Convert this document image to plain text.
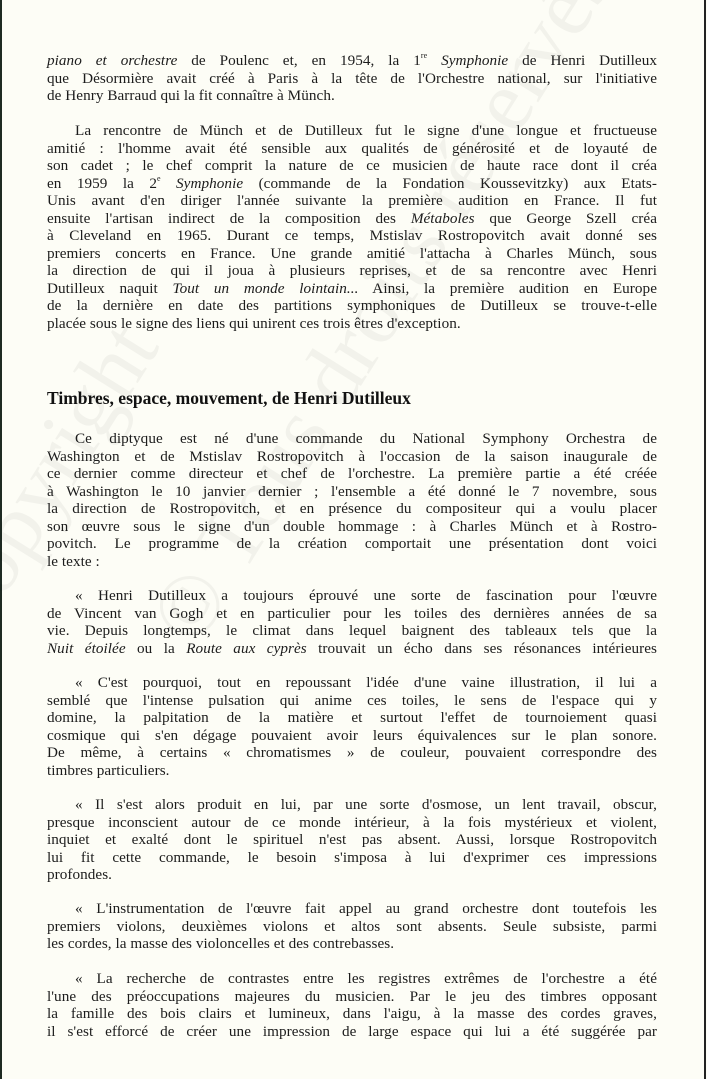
piano et orchestre de Poulenc et, en 1954, la 1re Symphonie de Henri Dutilleux
que Désormière avait créé à Paris à la tête de l'Orchestre national, sur l'initiative
de Henry Barraud qui la fit connaître à Münch.
La rencontre de Münch et de Dutilleux fut le signe d'une longue et fructueuse
amitié : l'homme avait été sensible aux qualités de générosité et de loyauté de
son cadet ; le chef comprit la nature de ce musicien de haute race dont il créa
en 1959 la 2e Symphonie (commande de la Fondation Koussevitzky) aux Etats-
Unis avant d'en diriger l'année suivante la première audition en France. Il fut
ensuite l'artisan indirect de la composition des Métaboles que George Szell créa
à Cleveland en 1965. Durant ce temps, Mstislav Rostropovitch avait donné ses
premiers concerts en France. Une grande amitié l'attacha à Charles Münch, sous
la direction de qui il joua à plusieurs reprises, et de sa rencontre avec Henri
Dutilleux naquit Tout un monde lointain... Ainsi, la première audition en Europe
de la dernière en date des partitions symphoniques de Dutilleux se trouve-t-elle
placée sous le signe des liens qui unirent ces trois êtres d'exception.
Timbres, espace, mouvement, de Henri Dutilleux
Ce diptyque est né d'une commande du National Symphony Orchestra de
Washington et de Mstislav Rostropovitch à l'occasion de la saison inaugurale de
ce dernier comme directeur et chef de l'orchestre. La première partie a été créée
à Washington le 10 janvier dernier ; l'ensemble a été donné le 7 novembre, sous
la direction de Rostropovitch, et en présence du compositeur qui a voulu placer
son œuvre sous le signe d'un double hommage : à Charles Münch et à Rostro-
povitch. Le programme de la création comportait une présentation dont voici
le texte :
« Henri Dutilleux a toujours éprouvé une sorte de fascination pour l'œuvre
de Vincent van Gogh et en particulier pour les toiles des dernières années de sa
vie. Depuis longtemps, le climat dans lequel baignent des tableaux tels que la
Nuit étoilée ou la Route aux cyprès trouvait un écho dans ses résonances intérieures
« C'est pourquoi, tout en repoussant l'idée d'une vaine illustration, il lui a
semblé que l'intense pulsation qui anime ces toiles, le sens de l'espace qui y
domine, la palpitation de la matière et surtout l'effet de tournoiement quasi
cosmique qui s'en dégage pouvaient avoir leurs équivalences sur le plan sonore.
De même, à certains « chromatismes » de couleur, pouvaient correspondre des
timbres particuliers.
« Il s'est alors produit en lui, par une sorte d'osmose, un lent travail, obscur,
presque inconscient autour de ce monde intérieur, à la fois mystérieux et violent,
inquiet et exalté dont le spirituel n'est pas absent. Aussi, lorsque Rostropovitch
lui fit cette commande, le besoin s'imposa à lui d'exprimer ces impressions
profondes.
« L'instrumentation de l'œuvre fait appel au grand orchestre dont toutefois les
premiers violons, deuxièmes violons et altos sont absents. Seule subsiste, parmi
les cordes, la masse des violoncelles et des contrebasses.
« La recherche de contrastes entre les registres extrêmes de l'orchestre a été
l'une des préoccupations majeures du musicien. Par le jeu des timbres opposant
la famille des bois clairs et lumineux, dans l'aigu, à la masse des cordes graves,
il s'est efforcé de créer une impression de large espace qui lui a été suggérée par
